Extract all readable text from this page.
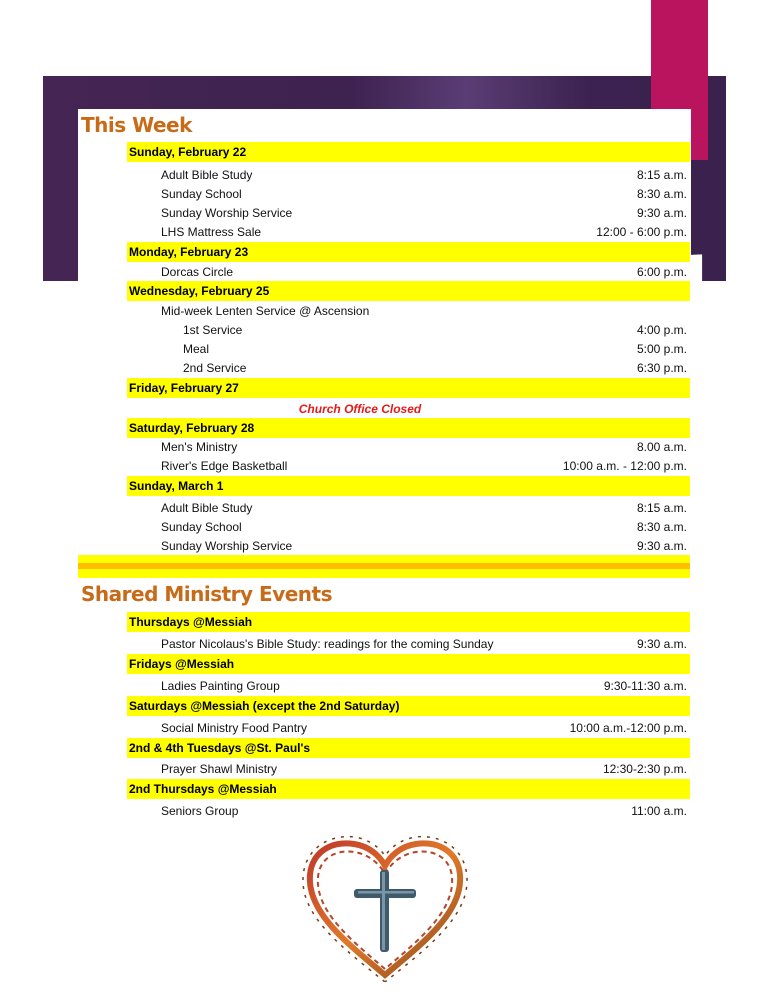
This Week
Sunday, February 22
Adult Bible Study	8:15 a.m.
Sunday School	8:30 a.m.
Sunday Worship Service	9:30 a.m.
LHS Mattress Sale	12:00 - 6:00 p.m.
Monday, February 23
Dorcas Circle	6:00 p.m.
Wednesday, February 25
Mid-week Lenten Service @ Ascension
1st Service	4:00 p.m.
Meal	5:00 p.m.
2nd Service	6:30 p.m.
Friday, February 27
Church Office Closed
Saturday, February 28
Men's Ministry	8.00 a.m.
River's Edge Basketball	10:00 a.m. - 12:00 p.m.
Sunday, March 1
Adult Bible Study	8:15 a.m.
Sunday School	8:30 a.m.
Sunday Worship Service	9:30 a.m.
Shared Ministry Events
Thursdays @Messiah
Pastor Nicolaus's Bible Study: readings for the coming Sunday	9:30 a.m.
Fridays @Messiah
Ladies Painting Group	9:30-11:30 a.m.
Saturdays @Messiah (except the 2nd Saturday)
Social Ministry Food Pantry	10:00 a.m.-12:00 p.m.
2nd & 4th Tuesdays @St. Paul's
Prayer Shawl Ministry	12:30-2:30 p.m.
2nd Thursdays @Messiah
Seniors Group	11:00 a.m.
